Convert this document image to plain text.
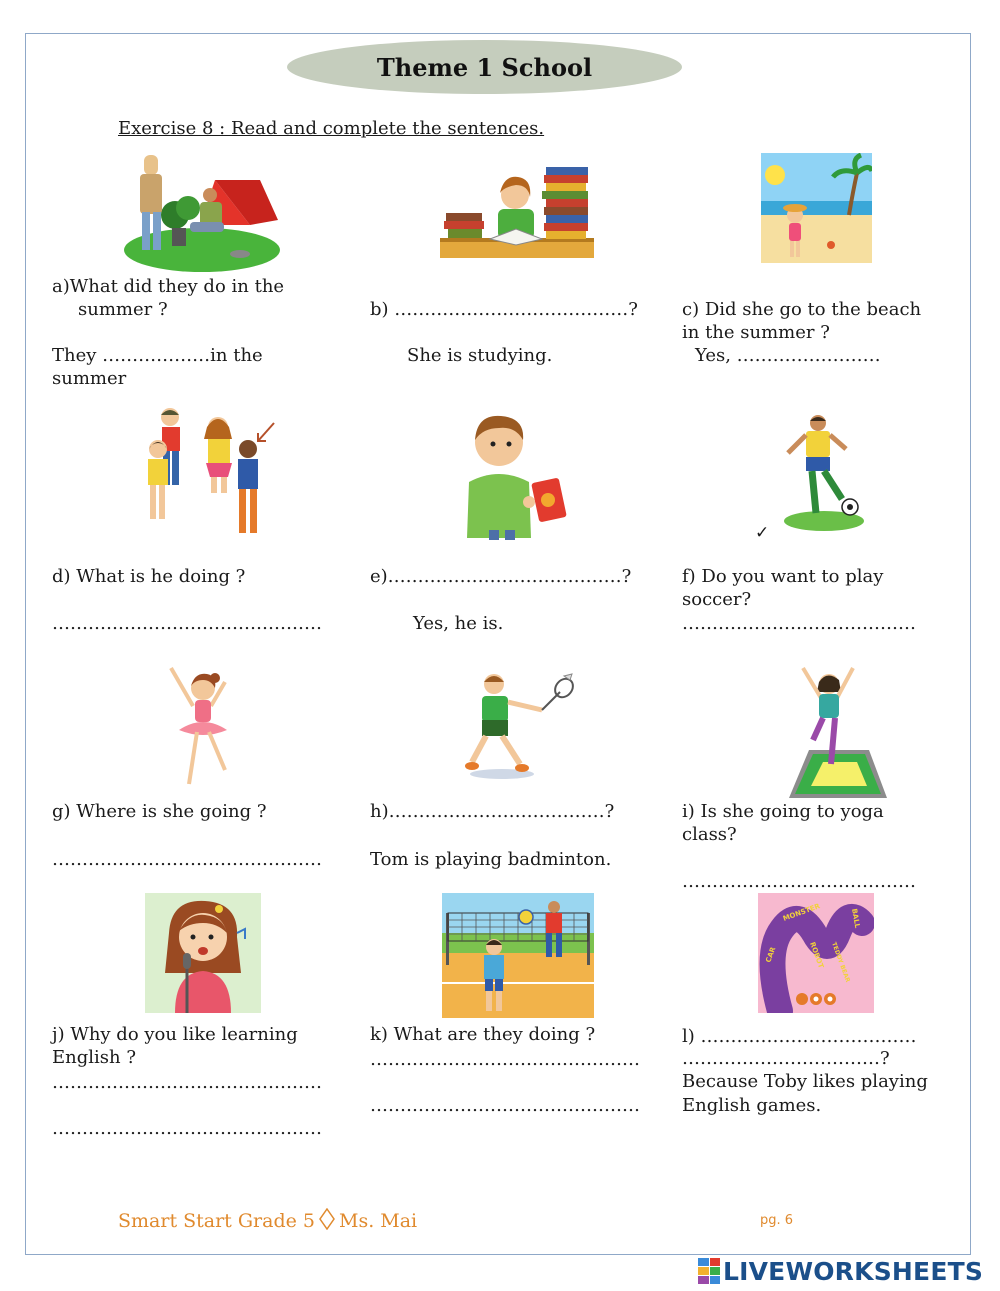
Theme 1 School
Exercise 8 : Read and complete the sentences.
a)What did they do in the
summer ?
They ………………in the
summer
b) …………………………………?
She is studying.
c) Did she go to the beach
in the summer ?
Yes, ……………………
d) What is he doing ?
………………………………………
e)…………………………………?
Yes, he is.
✓
f) Do you want to play
soccer?
…………………………………
g) Where is she going ?
………………………………………
h)………………………………?
Tom is playing badminton.
i) Is she going to yoga
class?
…………………………………
j) Why do you like learning
English ?
………………………………………
………………………………………
k) What are they doing ?
………………………………………
………………………………………
CAR
MONSTER
ROBOT
BALL
TEDDY BEAR
l) ………………………………
……………………………?
Because Toby likes playing
English games.
Smart Start Grade 5 Ms. Mai	pg. 6
LIVEWORKSHEETS
